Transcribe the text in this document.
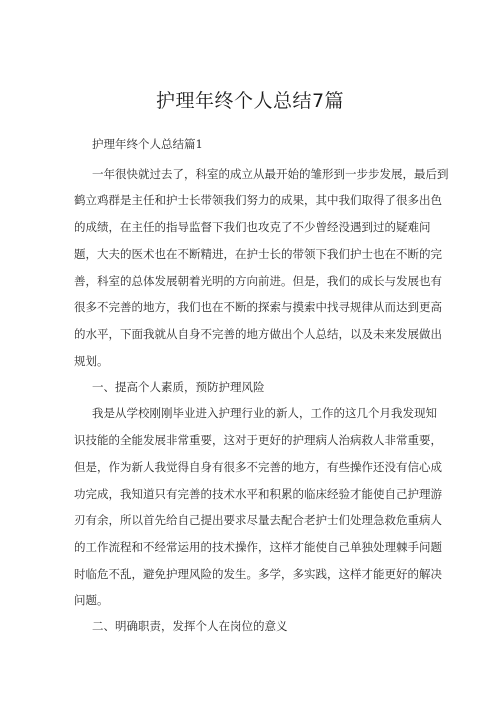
护理年终个人总结7篇
护理年终个人总结篇1
一年很快就过去了，科室的成立从最开始的雏形到一步步发展，最后到
鹤立鸡群是主任和护士长带领我们努力的成果，其中我们取得了很多出色
的成绩，在主任的指导监督下我们也攻克了不少曾经没遇到过的疑难问
题，大夫的医术也在不断精进，在护士长的带领下我们护士也在不断的完
善，科室的总体发展朝着光明的方向前进。但是，我们的成长与发展也有
很多不完善的地方，我们也在不断的探索与摸索中找寻规律从而达到更高
的水平，下面我就从自身不完善的地方做出个人总结，以及未来发展做出
规划。
一、提高个人素质，预防护理风险
我是从学校刚刚毕业进入护理行业的新人，工作的这几个月我发现知
识技能的全能发展非常重要，这对于更好的护理病人治病救人非常重要，
但是，作为新人我觉得自身有很多不完善的地方，有些操作还没有信心成
功完成，我知道只有完善的技术水平和积累的临床经验才能使自己护理游
刃有余，所以首先给自己提出要求尽量去配合老护士们处理急救危重病人
的工作流程和不经常运用的技术操作，这样才能使自己单独处理棘手问题
时临危不乱，避免护理风险的发生。多学，多实践，这样才能更好的解决
问题。
二、明确职责，发挥个人在岗位的意义
